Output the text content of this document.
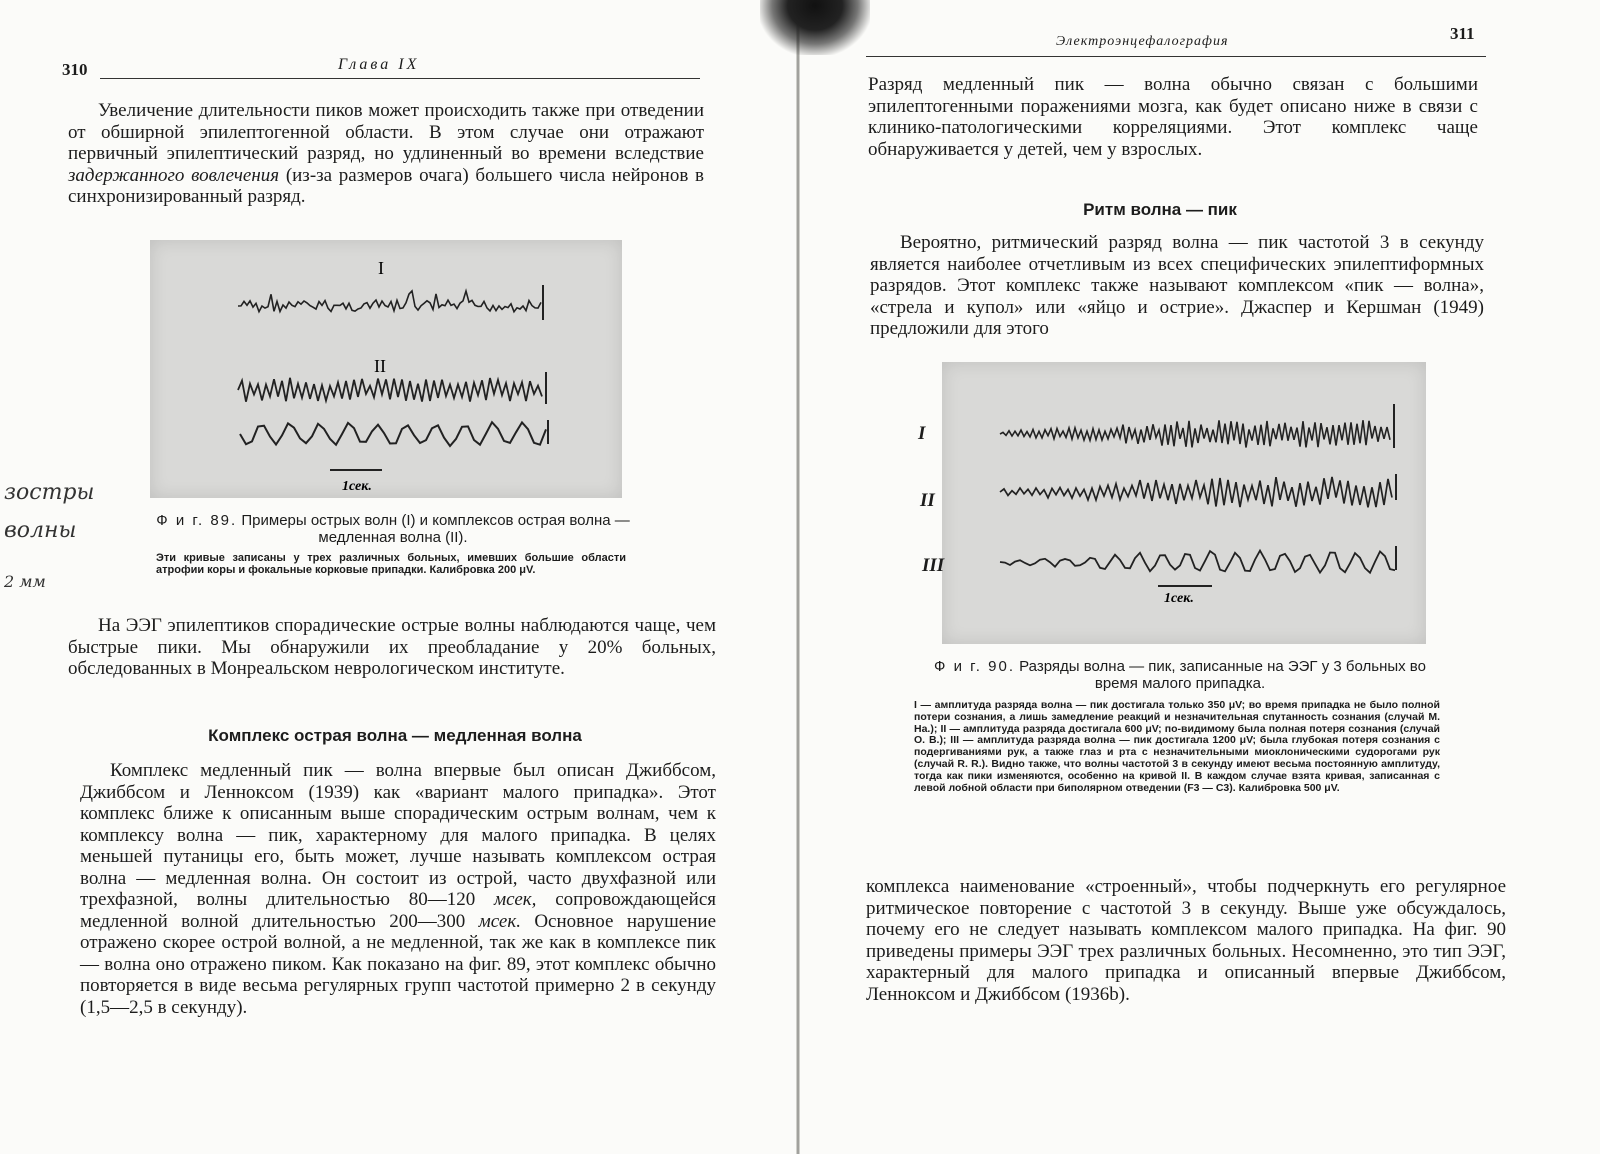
310	Глава IX

Увеличение длительности пиков может происходить также при отведении от обширной эпилептогенной области. В этом случае они отражают первичный эпилептический разряд, но удлиненный во времени вследствие задержанного вовлечения (из-за размеров очага) большего числа нейронов в синхронизированный разряд.

I
II
1сек.
Ф и г. 89. Примеры острых волн (I) и комплексов острая волна — медленная волна (II).
Эти кривые записаны у трех различных больных, имевших большие области атрофии коры и фокальные корковые припадки. Калибровка 200 μV.

На ЭЭГ эпилептиков спорадические острые волны наблюдаются чаще, чем быстрые пики. Мы обнаружили их преобладание у 20% больных, обследованных в Монреальском неврологическом институте.

Комплекс острая волна — медленная волна

Комплекс медленный пик — волна впервые был описан Джиббсом, Джиббсом и Ленноксом (1939) как «вариант малого припадка». Этот комплекс ближе к описанным выше спорадическим острым волнам, чем к комплексу волна — пик, характерному для малого припадка. В целях меньшей путаницы его, быть может, лучше называть комплексом острая волна — медленная волна. Он состоит из острой, часто двухфазной или трехфазной, волны длительностью 80—120 мсек, сопровождающейся медленной волной длительностью 200—300 мсек. Основное нарушение отражено скорее острой волной, а не медленной, так же как в комплексе пик — волна оно отражено пиком. Как показано на фиг. 89, этот комплекс обычно повторяется в виде весьма регулярных групп частотой примерно 2 в секунду (1,5—2,5 в секунду).

зостры
волны
2 мм
Электроэнцефалография	311

Разряд медленный пик — волна обычно связан с большими эпилептогенными поражениями мозга, как будет описано ниже в связи с клинико-патологическими корреляциями. Этот комплекс чаще обнаруживается у детей, чем у взрослых.

Ритм волна — пик

Вероятно, ритмический разряд волна — пик частотой 3 в секунду является наиболее отчетливым из всех специфических эпилептиформных разрядов. Этот комплекс также называют комплексом «пик — волна», «стрела и купол» или «яйцо и острие». Джаспер и Кершман (1949) предложили для этого

1сек.
I
II
III
Ф и г. 90. Разряды волна — пик, записанные на ЭЭГ у 3 больных во время малого припадка.
I — амплитуда разряда волна — пик достигала только 350 μV; во время припадка не было полной потери сознания, а лишь замедление реакций и незначительная спутанность сознания (случай М. На.); II — амплитуда разряда достигала 600 μV; по-видимому была полная потеря сознания (случай О. В.); III — амплитуда разряда волна — пик достигала 1200 μV; была глубокая потеря сознания с подергиваниями рук, а также глаз и рта с незначительными миоклоническими судорогами рук (случай R. R.). Видно также, что волны частотой 3 в секунду имеют весьма постоянную амплитуду, тогда как пики изменяются, особенно на кривой II. В каждом случае взята кривая, записанная с левой лобной области при биполярном отведении (F3 — C3). Калибровка 500 μV.

комплекса наименование «строенный», чтобы подчеркнуть его регулярное ритмическое повторение с частотой 3 в секунду. Выше уже обсуждалось, почему его не следует называть комплексом малого припадка. На фиг. 90 приведены примеры ЭЭГ трех различных больных. Несомненно, это тип ЭЭГ, характерный для малого припадка и описанный впервые Джиббсом, Ленноксом и Джиббсом (1936b).
